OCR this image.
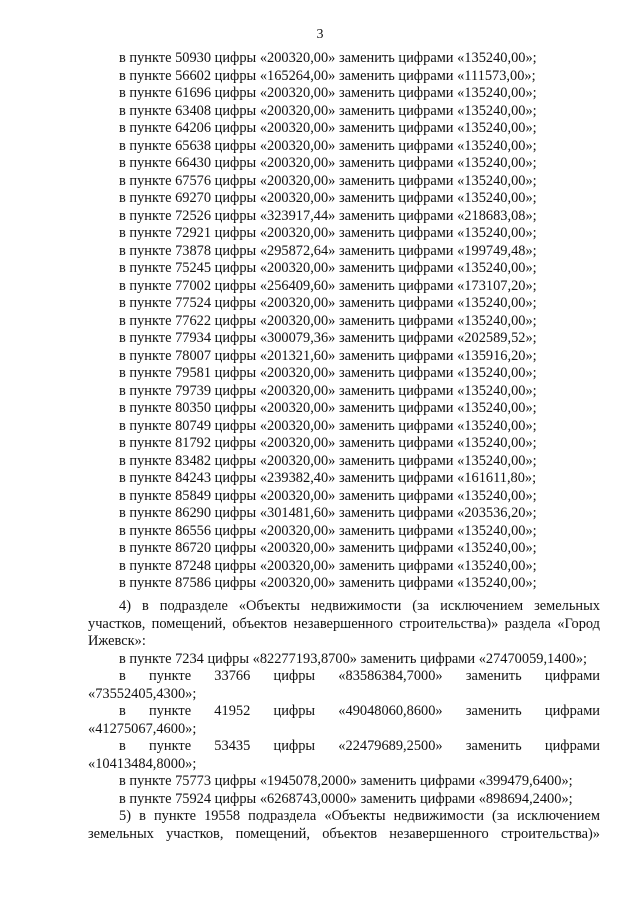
3
в пункте 50930 цифры «200320,00» заменить цифрами «135240,00»;
в пункте 56602 цифры «165264,00» заменить цифрами «111573,00»;
в пункте 61696 цифры «200320,00» заменить цифрами «135240,00»;
в пункте 63408 цифры «200320,00» заменить цифрами «135240,00»;
в пункте 64206 цифры «200320,00» заменить цифрами «135240,00»;
в пункте 65638 цифры «200320,00» заменить цифрами «135240,00»;
в пункте 66430 цифры «200320,00» заменить цифрами «135240,00»;
в пункте 67576 цифры «200320,00» заменить цифрами «135240,00»;
в пункте 69270 цифры «200320,00» заменить цифрами «135240,00»;
в пункте 72526 цифры «323917,44» заменить цифрами «218683,08»;
в пункте 72921 цифры «200320,00» заменить цифрами «135240,00»;
в пункте 73878 цифры «295872,64» заменить цифрами «199749,48»;
в пункте 75245 цифры «200320,00» заменить цифрами «135240,00»;
в пункте 77002 цифры «256409,60» заменить цифрами «173107,20»;
в пункте 77524 цифры «200320,00» заменить цифрами «135240,00»;
в пункте 77622 цифры «200320,00» заменить цифрами «135240,00»;
в пункте 77934 цифры «300079,36» заменить цифрами «202589,52»;
в пункте 78007 цифры «201321,60» заменить цифрами «135916,20»;
в пункте 79581 цифры «200320,00» заменить цифрами «135240,00»;
в пункте 79739 цифры «200320,00» заменить цифрами «135240,00»;
в пункте 80350 цифры «200320,00» заменить цифрами «135240,00»;
в пункте 80749 цифры «200320,00» заменить цифрами «135240,00»;
в пункте 81792 цифры «200320,00» заменить цифрами «135240,00»;
в пункте 83482 цифры «200320,00» заменить цифрами «135240,00»;
в пункте 84243 цифры «239382,40» заменить цифрами «161611,80»;
в пункте 85849 цифры «200320,00» заменить цифрами «135240,00»;
в пункте 86290 цифры «301481,60» заменить цифрами «203536,20»;
в пункте 86556 цифры «200320,00» заменить цифрами «135240,00»;
в пункте 86720 цифры «200320,00» заменить цифрами «135240,00»;
в пункте 87248 цифры «200320,00» заменить цифрами «135240,00»;
в пункте 87586 цифры «200320,00» заменить цифрами «135240,00»;
4) в подразделе «Объекты недвижимости (за исключением земельных
участков, помещений, объектов незавершенного строительства)» раздела «Город
Ижевск»:
в пункте 7234 цифры «82277193,8700» заменить цифрами «27470059,1400»;
в пункте 33766 цифры «83586384,7000» заменить цифрами
«73552405,4300»;
в пункте 41952 цифры «49048060,8600» заменить цифрами
«41275067,4600»;
в пункте 53435 цифры «22479689,2500» заменить цифрами
«10413484,8000»;
в пункте 75773 цифры «1945078,2000» заменить цифрами «399479,6400»;
в пункте 75924 цифры «6268743,0000» заменить цифрами «898694,2400»;
5) в пункте 19558 подраздела «Объекты недвижимости (за исключением
земельных участков, помещений, объектов незавершенного строительства)»
